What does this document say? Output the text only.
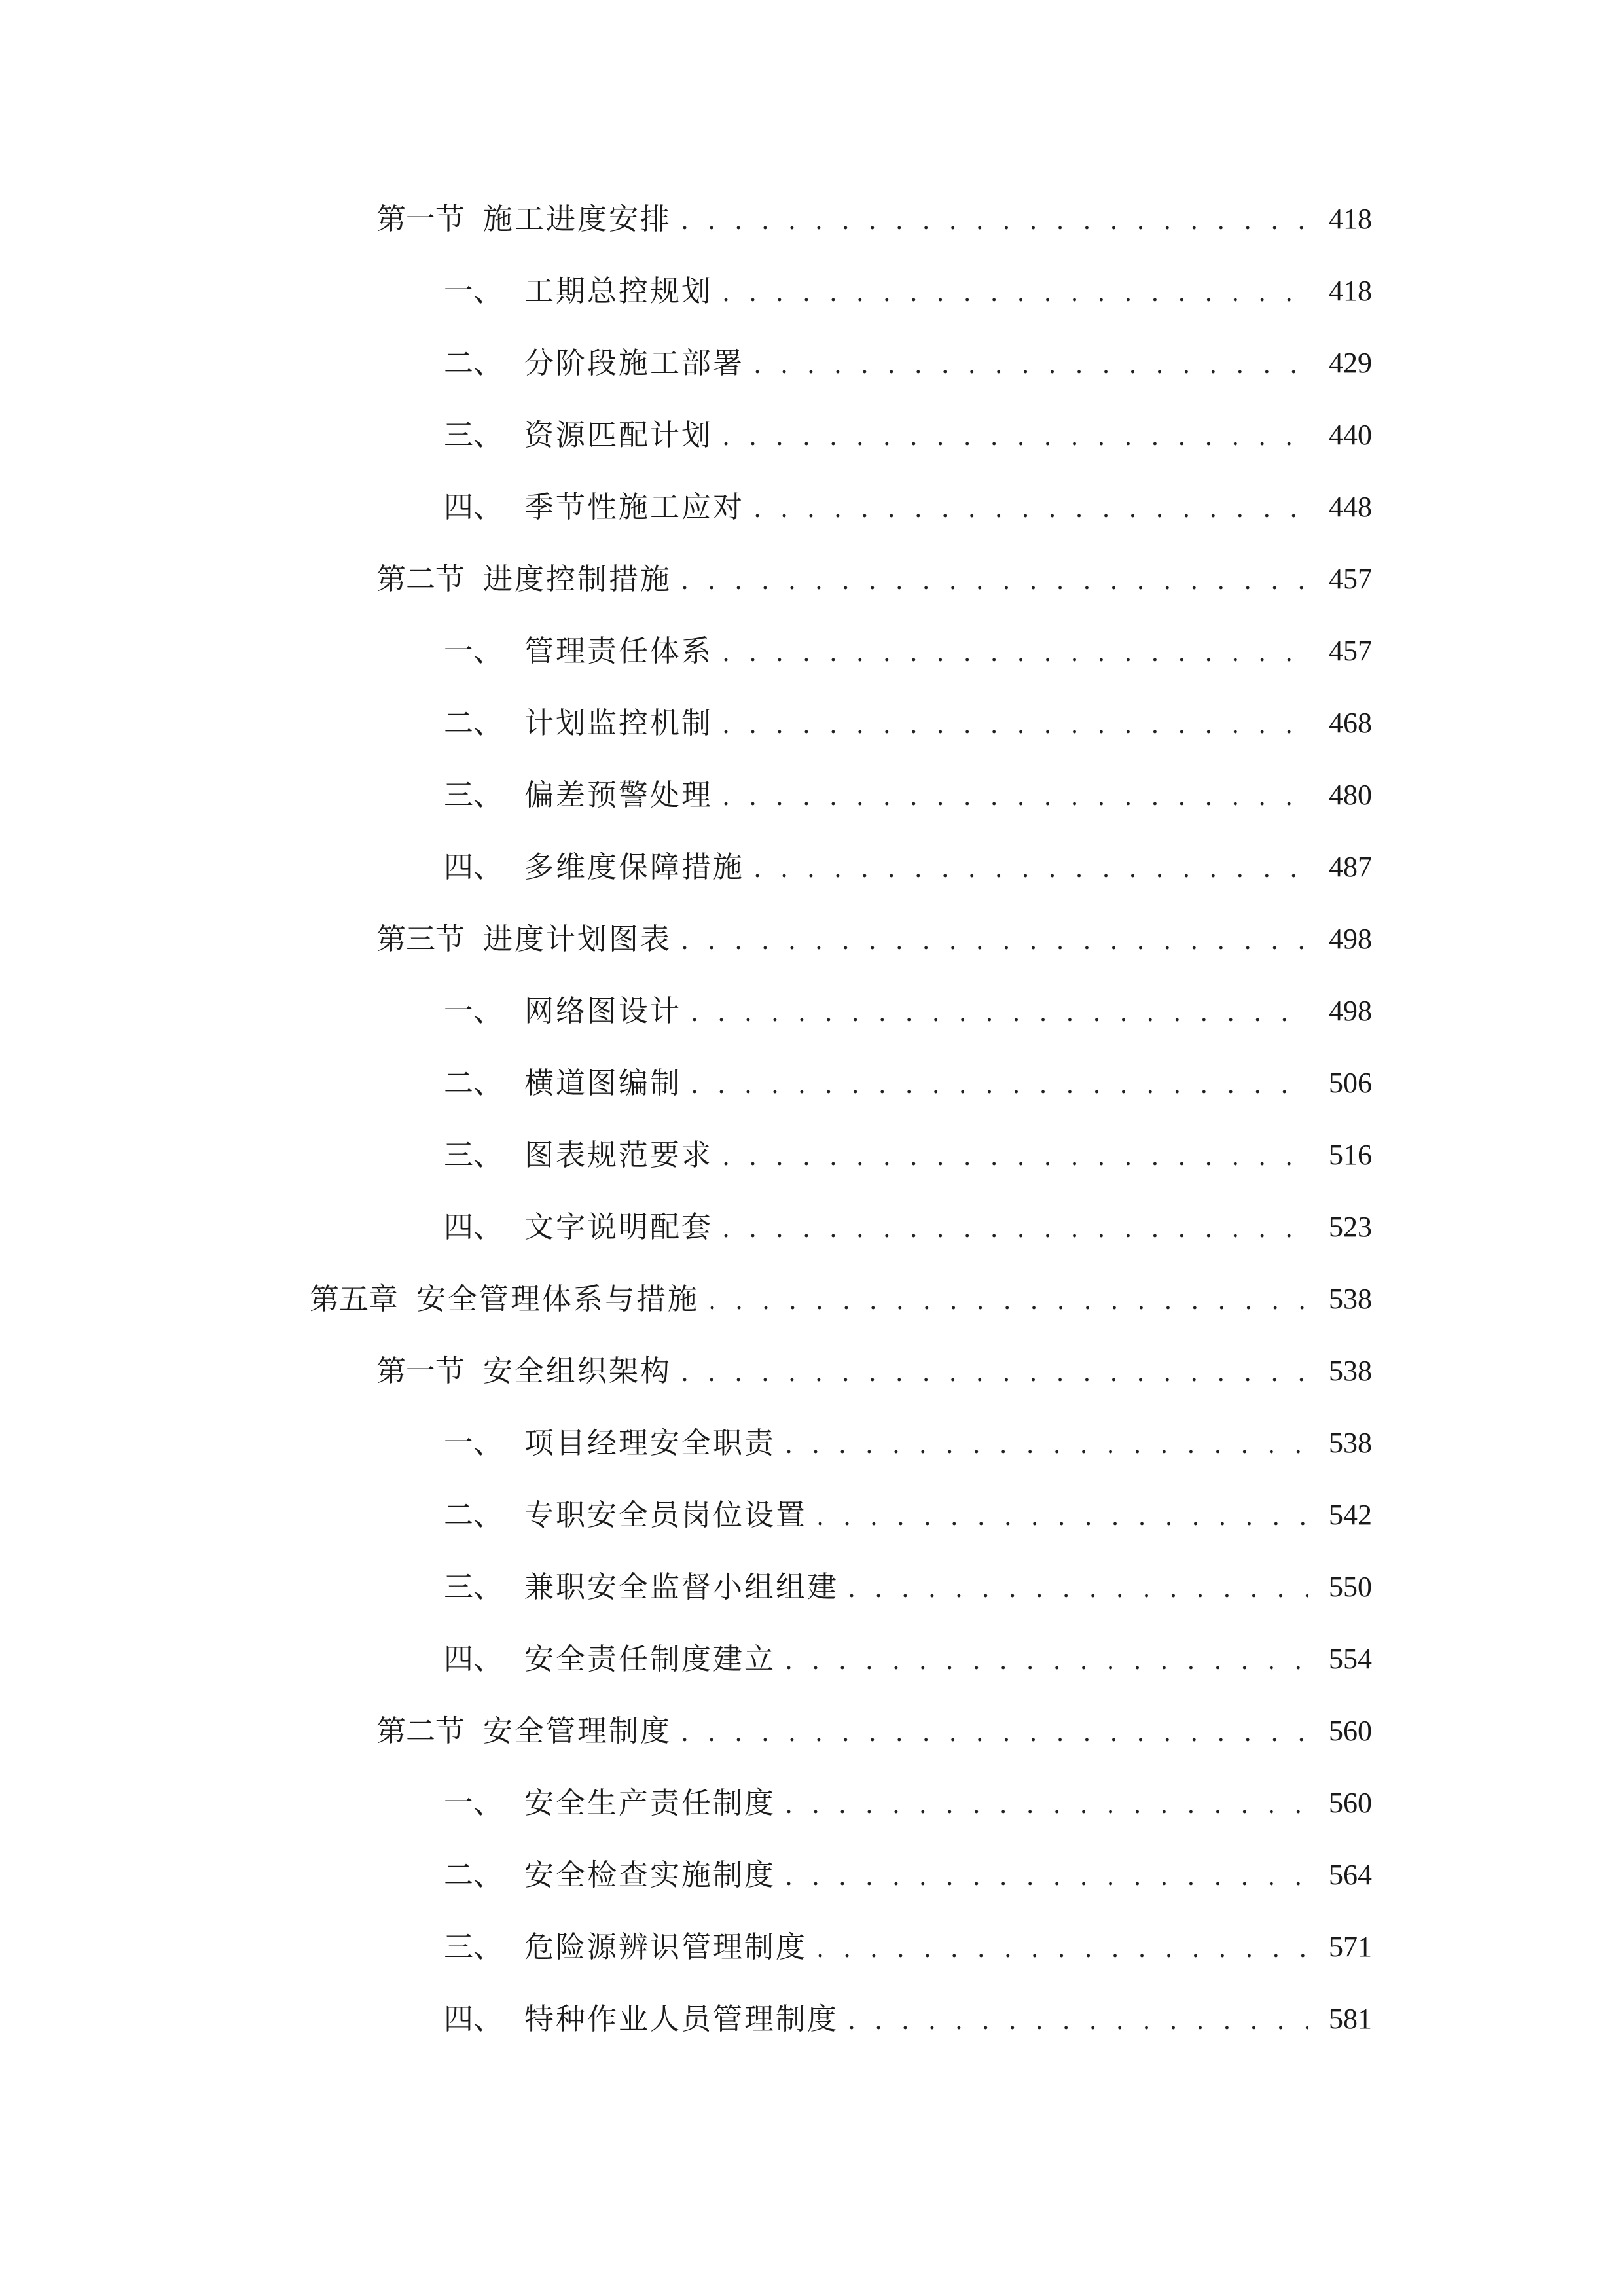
第一节 施工进度安排 . . .	418
一、 工期总控规划 . . .	418
二、 分阶段施工部署 . . .	429
三、 资源匹配计划 . . .	440
四、 季节性施工应对 . . .	448
第二节 进度控制措施 . . .	457
一、 管理责任体系 . . .	457
二、 计划监控机制 . . .	468
三、 偏差预警处理 . . .	480
四、 多维度保障措施 . . .	487
第三节 进度计划图表 . . .	498
一、 网络图设计 . . .	498
二、 横道图编制 . . .	506
三、 图表规范要求 . . .	516
四、 文字说明配套 . . .	523
第五章 安全管理体系与措施 . . .	538
第一节 安全组织架构 . . .	538
一、 项目经理安全职责 . . .	538
二、 专职安全员岗位设置 . . .	542
三、 兼职安全监督小组组建 . . .	550
四、 安全责任制度建立 . . .	554
第二节 安全管理制度 . . .	560
一、 安全生产责任制度 . . .	560
二、 安全检查实施制度 . . .	564
三、 危险源辨识管理制度 . . .	571
四、 特种作业人员管理制度 . . .	581
